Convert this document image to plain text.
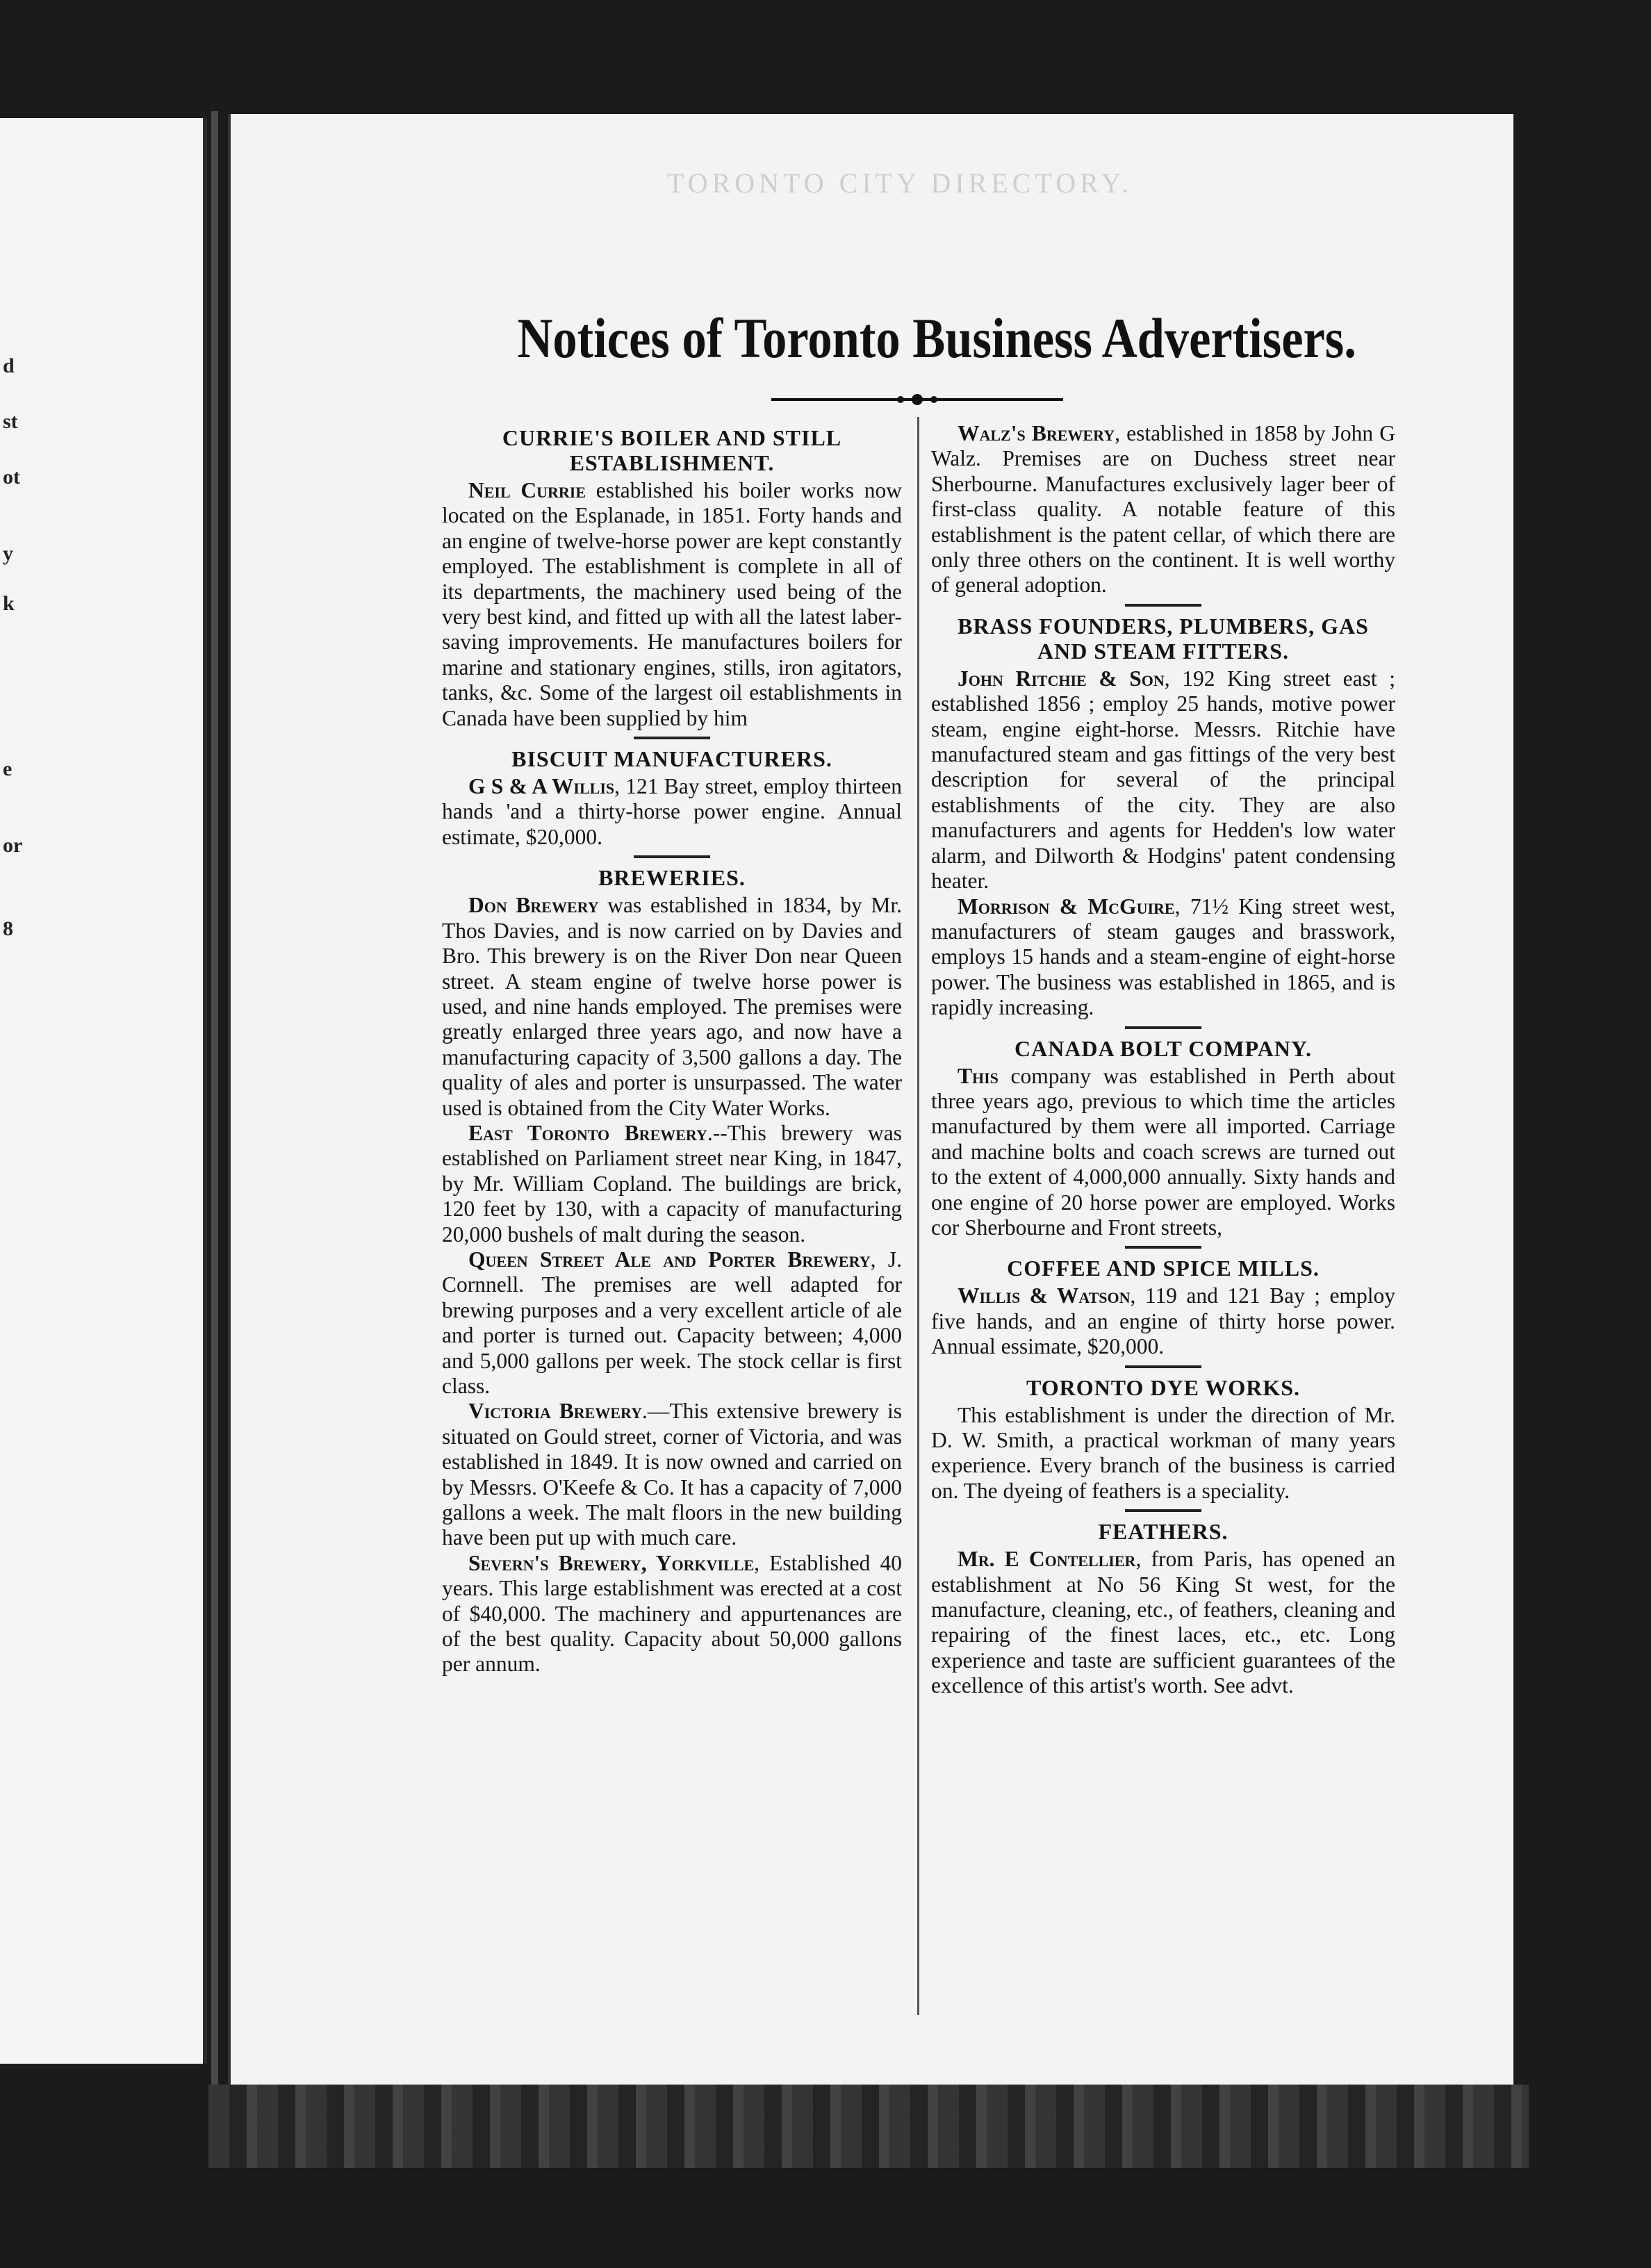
d
st
ot
y
k
e
or
8
TORONTO CITY DIRECTORY.
Notices of Toronto Business Advertisers.
CURRIE'S BOILER AND STILL ESTABLISHMENT.

Neil Currie established his boiler works now located on the Esplanade, in 1851. Forty hands and an engine of twelve-horse power are kept constantly employed. The establishment is complete in all of its departments, the machinery used being of the very best kind, and fitted up with all the latest laber-saving improvements. He manufactures boilers for marine and stationary engines, stills, iron agitators, tanks, &c. Some of the largest oil establishments in Canada have been supplied by him

BISCUIT MANUFACTURERS.

G S & A Willis, 121 Bay street, employ thirteen hands 'and a thirty-horse power engine. Annual estimate, $20,000.

BREWERIES.

Don Brewery was established in 1834, by Mr. Thos Davies, and is now carried on by Davies and Bro. This brewery is on the River Don near Queen street. A steam engine of twelve horse power is used, and nine hands employed. The premises were greatly enlarged three years ago, and now have a manufacturing capacity of 3,500 gallons a day. The quality of ales and porter is unsurpassed. The water used is obtained from the City Water Works.

East Toronto Brewery.--This brewery was established on Parliament street near King, in 1847, by Mr. William Copland. The buildings are brick, 120 feet by 130, with a capacity of manufacturing 20,000 bushels of malt during the season.

Queen Street Ale and Porter Brewery, J. Cornnell. The premises are well adapted for brewing purposes and a very excellent article of ale and porter is turned out. Capacity between; 4,000 and 5,000 gallons per week. The stock cellar is first class.

Victoria Brewery.—This extensive brewery is situated on Gould street, corner of Victoria, and was established in 1849. It is now owned and carried on by Messrs. O'Keefe & Co. It has a capacity of 7,000 gallons a week. The malt floors in the new building have been put up with much care.

Severn's Brewery, Yorkville, Established 40 years. This large establishment was erected at a cost of $40,000. The machinery and appurtenances are of the best quality. Capacity about 50,000 gallons per annum.

Walz's Brewery, established in 1858 by John G Walz. Premises are on Duchess street near Sherbourne. Manufactures exclusively lager beer of first-class quality. A notable feature of this establishment is the patent cellar, of which there are only three others on the continent. It is well worthy of general adoption.

BRASS FOUNDERS, PLUMBERS, GAS AND STEAM FITTERS.

John Ritchie & Son, 192 King street east ; established 1856 ; employ 25 hands, motive power steam, engine eight-horse. Messrs. Ritchie have manufactured steam and gas fittings of the very best description for several of the principal establishments of the city. They are also manufacturers and agents for Hedden's low water alarm, and Dilworth & Hodgins' patent condensing heater.

Morrison & McGuire, 71½ King street west, manufacturers of steam gauges and brasswork, employs 15 hands and a steam-engine of eight-horse power. The business was established in 1865, and is rapidly increasing.

CANADA BOLT COMPANY.

This company was established in Perth about three years ago, previous to which time the articles manufactured by them were all imported. Carriage and machine bolts and coach screws are turned out to the extent of 4,000,000 annually. Sixty hands and one engine of 20 horse power are employed. Works cor Sherbourne and Front streets,

COFFEE AND SPICE MILLS.

Willis & Watson, 119 and 121 Bay ; employ five hands, and an engine of thirty horse power. Annual essimate, $20,000.

TORONTO DYE WORKS.

This establishment is under the direction of Mr. D. W. Smith, a practical workman of many years experience. Every branch of the business is carried on. The dyeing of feathers is a speciality.

FEATHERS.

Mr. E Contellier, from Paris, has opened an establishment at No 56 King St west, for the manufacture, cleaning, etc., of feathers, cleaning and repairing of the finest laces, etc., etc. Long experience and taste are sufficient guarantees of the excellence of this artist's worth. See advt.
